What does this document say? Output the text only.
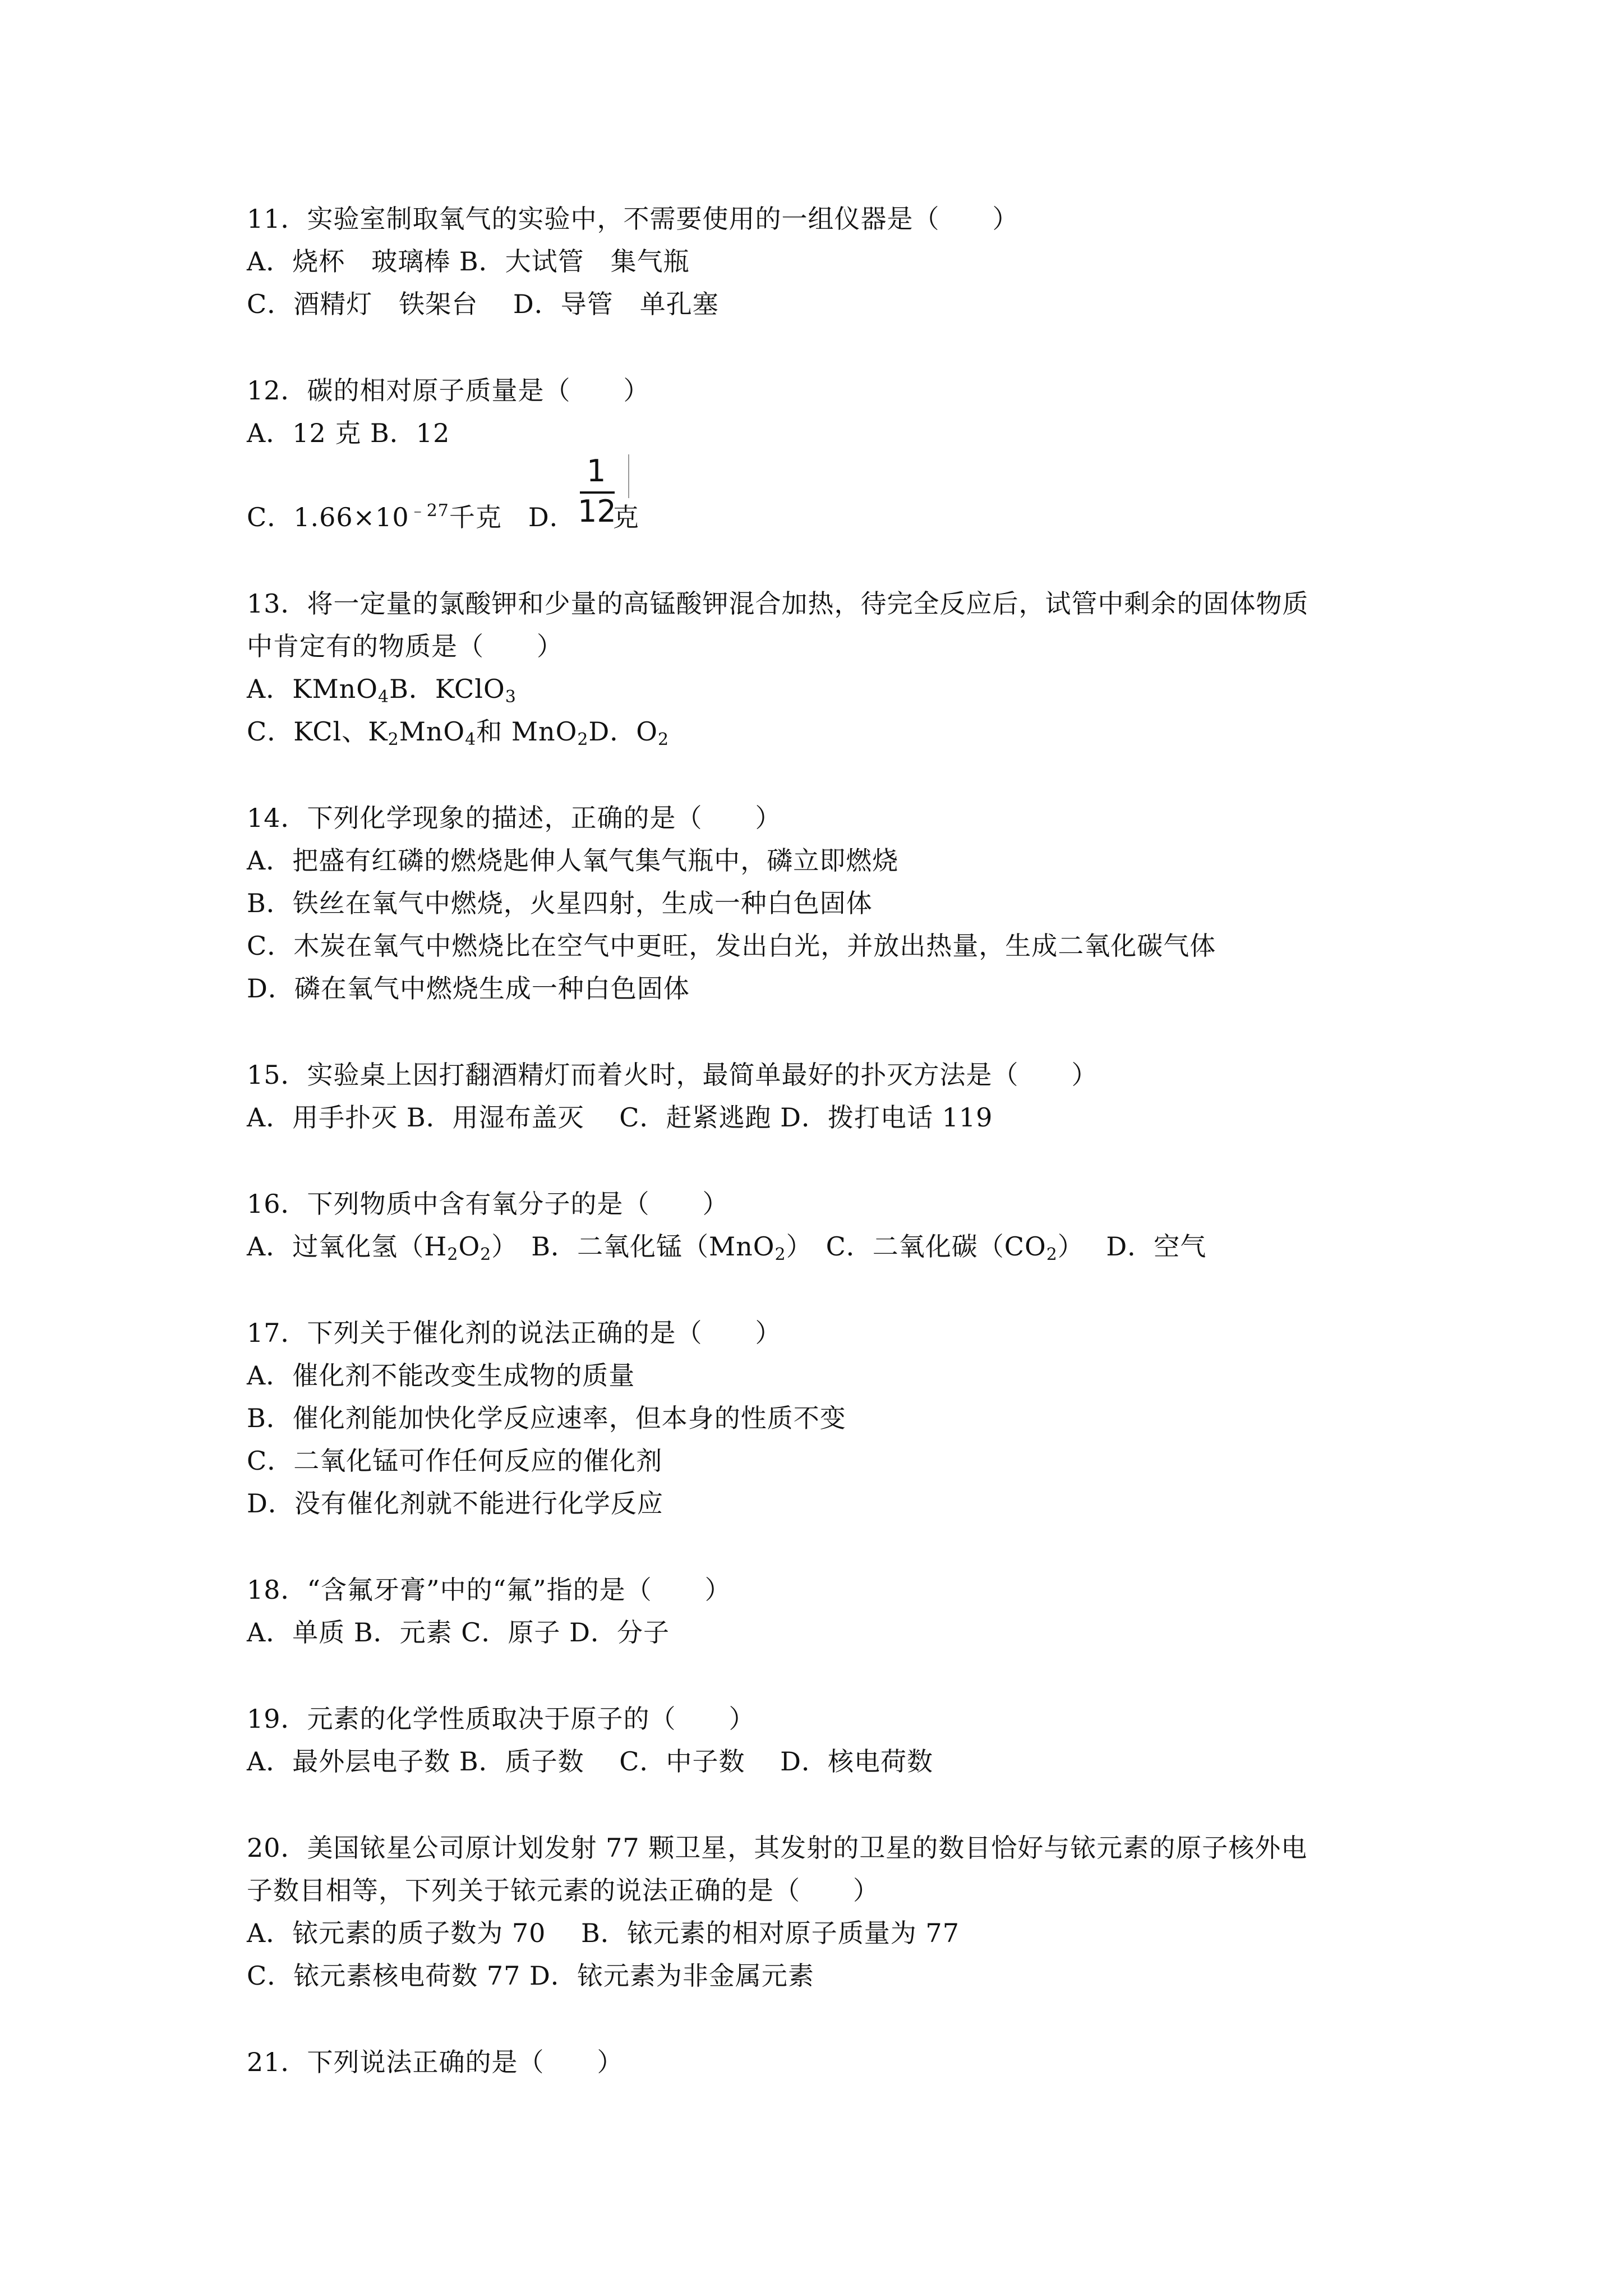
11．实验室制取氧气的实验中，不需要使用的一组仪器是（　　）
A．烧杯　玻璃棒 B．大试管　集气瓶
C．酒精灯　铁架台　 D．导管　单孔塞
12．碳的相对原子质量是（　　）
A．12 克 B．12
C．$1.66\times 10^{﹣27}$千克　D． 克
1
12
13．将一定量的氯酸钾和少量的高锰酸钾混合加热，待完全反应后，试管中剩余的固体物质
中肯定有的物质是（　　）
A．KMnO$_4$B．KClO$_3$
C．KCl、$K_2MnO_4$和 MnO$_2$D．$O_2$
14．下列化学现象的描述，正确的是（　　）
A．把盛有红磷的燃烧匙伸人氧气集气瓶中，磷立即燃烧
B．铁丝在氧气中燃烧，火星四射，生成一种白色固体
C．木炭在氧气中燃烧比在空气中更旺，发出白光，并放出热量，生成二氧化碳气体
D．磷在氧气中燃烧生成一种白色固体
15．实验桌上因打翻酒精灯而着火时，最简单最好的扑灭方法是（　　）
A．用手扑灭 B．用湿布盖灭　 C．赶紧逃跑 D．拨打电话 119
16．下列物质中含有氧分子的是（　　）
A．过氧化氢$(H_2O_2)$　B．二氧化锰（MnO$_2$）　C．二氧化碳$(CO_2)$　 D．空气
17．下列关于催化剂的说法正确的是（　　）
A．催化剂不能改变生成物的质量
B．催化剂能加快化学反应速率，但本身的性质不变
C．二氧化锰可作任何反应的催化剂
D．没有催化剂就不能进行化学反应
18．“含氟牙膏”中的“氟”指的是（　　）
A．单质 B．元素 C．原子 D．分子
19．元素的化学性质取决于原子的（　　）
A．最外层电子数 B．质子数　 C．中子数　 D．核电荷数
20．美国铱星公司原计划发射 77 颗卫星，其发射的卫星的数目恰好与铱元素的原子核外电
子数目相等，下列关于铱元素的说法正确的是（　　）
A．铱元素的质子数为 70　 B．铱元素的相对原子质量为 77
C．铱元素核电荷数 77 D．铱元素为非金属元素
21．下列说法正确的是（　　）
